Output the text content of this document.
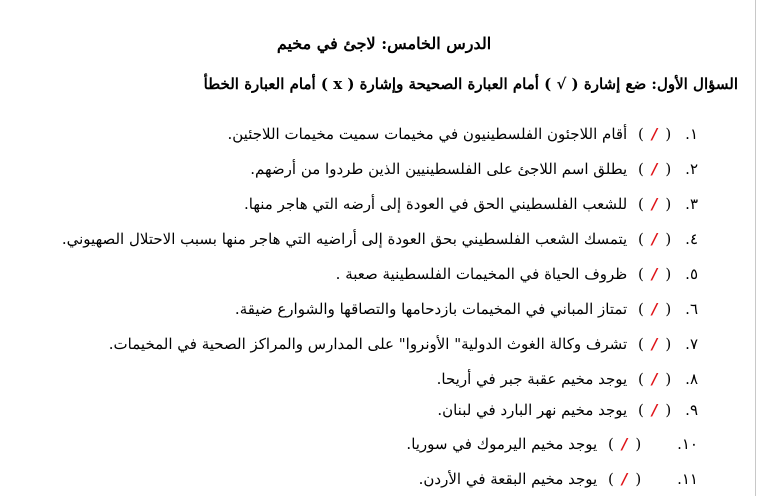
الدرس الخامس: لاجئ في مخيم
السؤال الأول: ضع إشارة ( √ ) أمام العبارة الصحيحة وإشارة ( x ) أمام العبارة الخطأ
١. (/) أقام اللاجئون الفلسطينيون في مخيمات سميت مخيمات اللاجئين.
٢. (/) يطلق اسم اللاجئ على الفلسطينيين الذين طردوا من أرضهم.
٣. (/) للشعب الفلسطيني الحق في العودة إلى أرضه التي هاجر منها.
٤. (/) يتمسك الشعب الفلسطيني بحق العودة إلى أراضيه التي هاجر منها بسبب الاحتلال الصهيوني.
٥. (/) ظروف الحياة في المخيمات الفلسطينية صعبة .
٦. (/) تمتاز المباني في المخيمات بازدحامها والتصاقها والشوارع ضيقة.
٧. (/) تشرف وكالة الغوث الدولية" الأونروا" على المدارس والمراكز الصحية في المخيمات.
٨. (/) يوجد مخيم عقبة جبر في أريحا.
٩. (/) يوجد مخيم نهر البارد في لبنان.
١٠. (/) يوجد مخيم اليرموك في سوريا.
١١. (/) يوجد مخيم البقعة في الأردن.
